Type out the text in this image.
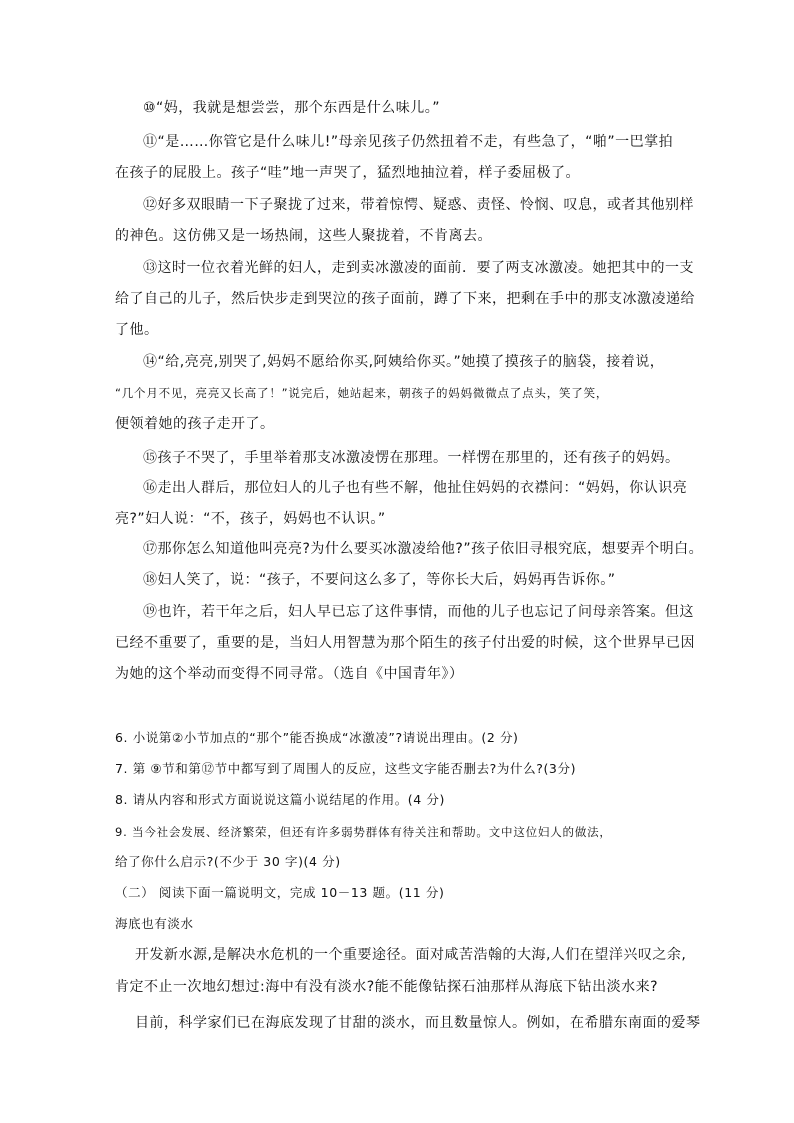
⑩“妈，我就是想尝尝，那个东西是什么味儿。”
⑪“是……你管它是什么味儿!”母亲见孩子仍然扭着不走，有些急了，“啪”一巴掌拍
在孩子的屁股上。孩子“哇”地一声哭了，猛烈地抽泣着，样子委屈极了。
⑫好多双眼睛一下子聚拢了过来，带着惊愕、疑惑、责怪、怜悯、叹息，或者其他别样
的神色。这仿佛又是一场热闹，这些人聚拢着，不肯离去。
⑬这时一位衣着光鲜的妇人，走到卖冰激凌的面前．要了两支冰激凌。她把其中的一支
给了自己的儿子，然后快步走到哭泣的孩子面前，蹲了下来，把剩在手中的那支冰激凌递给
了他。
⑭“给,亮亮,别哭了,妈妈不愿给你买,阿姨给你买。”她摸了摸孩子的脑袋，接着说，
“几个月不见，亮亮又长高了！”说完后，她站起来，朝孩子的妈妈微微点了点头，笑了笑，
便领着她的孩子走开了。
⑮孩子不哭了，手里举着那支冰激凌愣在那理。一样愣在那里的，还有孩子的妈妈。
⑯走出人群后，那位妇人的儿子也有些不解，他扯住妈妈的衣襟问：“妈妈，你认识亮
亮?”妇人说：“不，孩子，妈妈也不认识。”
⑰那你怎么知道他叫亮亮?为什么要买冰激凌给他?”孩子依旧寻根究底，想要弄个明白。
⑱妇人笑了，说：“孩子，不要问这么多了，等你长大后，妈妈再告诉你。”
⑲也许，若干年之后，妇人早已忘了这件事情，而他的儿子也忘记了问母亲答案。但这
已经不重要了，重要的是，当妇人用智慧为那个陌生的孩子付出爱的时候，这个世界早已因
为她的这个举动而变得不同寻常。（选自《中国青年》）
6. 小说第②小节加点的“那个”能否换成“冰激凌”?请说出理由。(2 分)
7. 第 ⑨节和第⑫节中都写到了周围人的反应，这些文字能否删去?为什么?(3分)
8. 请从内容和形式方面说说这篇小说结尾的作用。(4 分)
9. 当今社会发展、经济繁荣，但还有许多弱势群体有待关注和帮助。文中这位妇人的做法，
给了你什么启示?(不少于 30 字)(4 分)
（二） 阅读下面一篇说明文，完成 10－13 题。(11 分)
海底也有淡水
开发新水源,是解决水危机的一个重要途径。面对咸苦浩翰的大海,人们在望洋兴叹之余,
肯定不止一次地幻想过:海中有没有淡水?能不能像钻探石油那样从海底下钻出淡水来?
目前，科学家们已在海底发现了甘甜的淡水，而且数量惊人。例如，在希腊东南面的爱琴
